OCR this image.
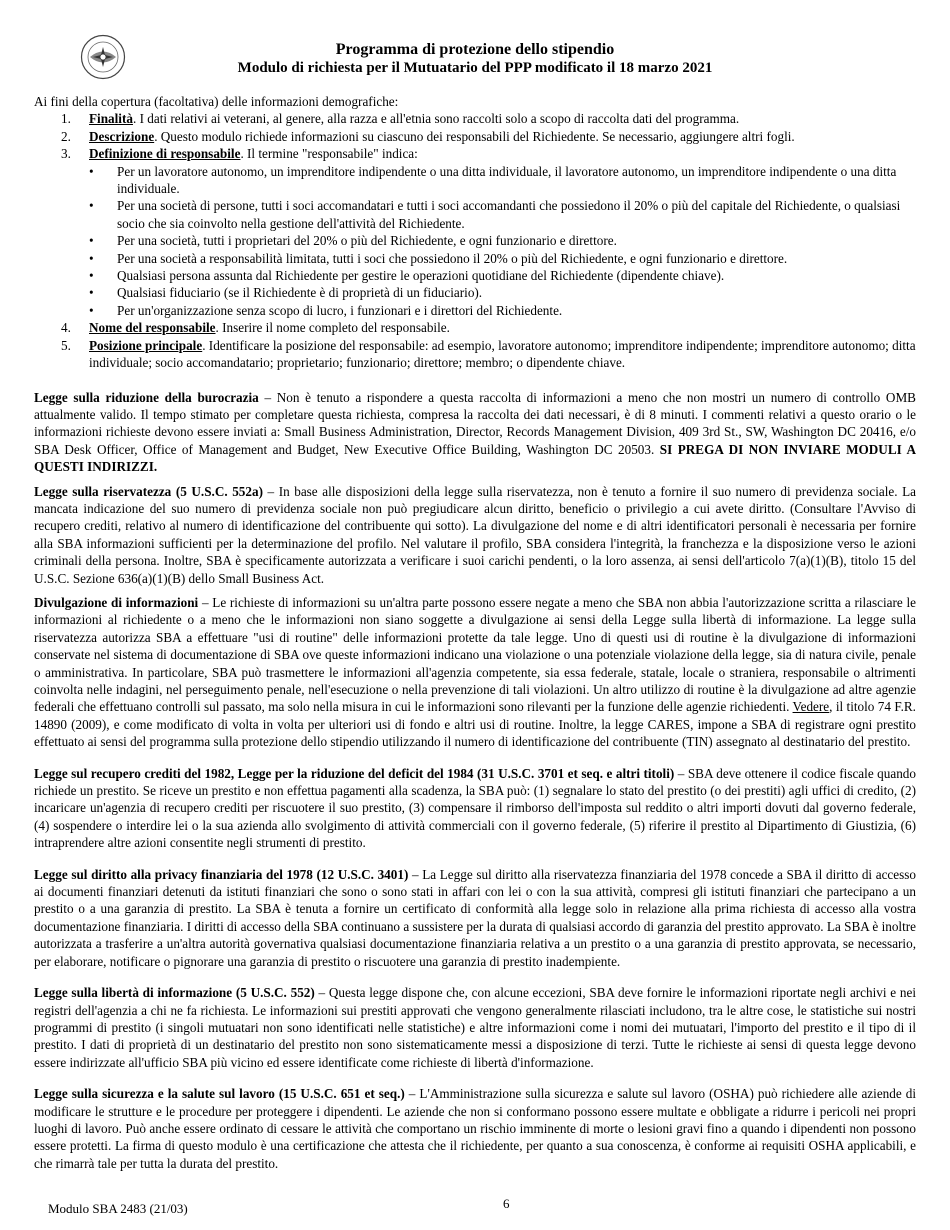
Programma di protezione dello stipendio
Modulo di richiesta per il Mutuatario del PPP modificato il 18 marzo 2021

Ai fini della copertura (facoltativa) delle informazioni demografiche:

1. Finalità. I dati relativi ai veterani, al genere, alla razza e all'etnia sono raccolti solo a scopo di raccolta dati del programma.
2. Descrizione. Questo modulo richiede informazioni su ciascuno dei responsabili del Richiedente. Se necessario, aggiungere altri fogli.
3. Definizione di responsabile. Il termine "responsabile" indica:
• Per un lavoratore autonomo, un imprenditore indipendente o una ditta individuale, il lavoratore autonomo, un imprenditore indipendente o una ditta individuale.
• Per una società di persone, tutti i soci accomandatari e tutti i soci accomandanti che possiedono il 20% o più del capitale del Richiedente, o qualsiasi socio che sia coinvolto nella gestione dell'attività del Richiedente.
• Per una società, tutti i proprietari del 20% o più del Richiedente, e ogni funzionario e direttore.
• Per una società a responsabilità limitata, tutti i soci che possiedono il 20% o più del Richiedente, e ogni funzionario e direttore.
• Qualsiasi persona assunta dal Richiedente per gestire le operazioni quotidiane del Richiedente (dipendente chiave).
• Qualsiasi fiduciario (se il Richiedente è di proprietà di un fiduciario).
• Per un'organizzazione senza scopo di lucro, i funzionari e i direttori del Richiedente.
4. Nome del responsabile. Inserire il nome completo del responsabile.
5. Posizione principale. Identificare la posizione del responsabile: ad esempio, lavoratore autonomo; imprenditore indipendente; imprenditore autonomo; ditta individuale; socio accomandatario; proprietario; funzionario; direttore; membro; o dipendente chiave.

Legge sulla riduzione della burocrazia – Non è tenuto a rispondere a questa raccolta di informazioni a meno che non mostri un numero di controllo OMB attualmente valido. Il tempo stimato per completare questa richiesta, compresa la raccolta dei dati necessari, è di 8 minuti. I commenti relativi a questo orario o le informazioni richieste devono essere inviati a: Small Business Administration, Director, Records Management Division, 409 3rd St., SW, Washington DC 20416, e/o SBA Desk Officer, Office of Management and Budget, New Executive Office Building, Washington DC 20503. SI PREGA DI NON INVIARE MODULI A QUESTI INDIRIZZI.

Legge sulla riservatezza (5 U.S.C. 552a) – In base alle disposizioni della legge sulla riservatezza, non è tenuto a fornire il suo numero di previdenza sociale. La mancata indicazione del suo numero di previdenza sociale non può pregiudicare alcun diritto, beneficio o privilegio a cui avete diritto. (Consultare l'Avviso di recupero crediti, relativo al numero di identificazione del contribuente qui sotto). La divulgazione del nome e di altri identificatori personali è necessaria per fornire alla SBA informazioni sufficienti per la determinazione del profilo. Nel valutare il profilo, SBA considera l'integrità, la franchezza e la disposizione verso le azioni criminali della persona. Inoltre, SBA è specificamente autorizzata a verificare i suoi carichi pendenti, o la loro assenza, ai sensi dell'articolo 7(a)(1)(B), titolo 15 del U.S.C. Sezione 636(a)(1)(B) dello Small Business Act.

Divulgazione di informazioni – Le richieste di informazioni su un'altra parte possono essere negate a meno che SBA non abbia l'autorizzazione scritta a rilasciare le informazioni al richiedente o a meno che le informazioni non siano soggette a divulgazione ai sensi della Legge sulla libertà di informazione. La legge sulla riservatezza autorizza SBA a effettuare "usi di routine" delle informazioni protette da tale legge. Uno di questi usi di routine è la divulgazione di informazioni conservate nel sistema di documentazione di SBA ove queste informazioni indicano una violazione o una potenziale violazione della legge, sia di natura civile, penale o amministrativa. In particolare, SBA può trasmettere le informazioni all'agenzia competente, sia essa federale, statale, locale o straniera, responsabile o altrimenti coinvolta nelle indagini, nel perseguimento penale, nell'esecuzione o nella prevenzione di tali violazioni. Un altro utilizzo di routine è la divulgazione ad altre agenzie federali che effettuano controlli sul passato, ma solo nella misura in cui le informazioni sono rilevanti per la funzione delle agenzie richiedenti. Vedere, il titolo 74 F.R. 14890 (2009), e come modificato di volta in volta per ulteriori usi di fondo e altri usi di routine. Inoltre, la legge CARES, impone a SBA di registrare ogni prestito effettuato ai sensi del programma sulla protezione dello stipendio utilizzando il numero di identificazione del contribuente (TIN) assegnato al destinatario del prestito.

Legge sul recupero crediti del 1982, Legge per la riduzione del deficit del 1984 (31 U.S.C. 3701 et seq. e altri titoli) – SBA deve ottenere il codice fiscale quando richiede un prestito. Se riceve un prestito e non effettua pagamenti alla scadenza, la SBA può: (1) segnalare lo stato del prestito (o dei prestiti) agli uffici di credito, (2) incaricare un'agenzia di recupero crediti per riscuotere il suo prestito, (3) compensare il rimborso dell'imposta sul reddito o altri importi dovuti dal governo federale, (4) sospendere o interdire lei o la sua azienda allo svolgimento di attività commerciali con il governo federale, (5) riferire il prestito al Dipartimento di Giustizia, (6) intraprendere altre azioni consentite negli strumenti di prestito.

Legge sul diritto alla privacy finanziaria del 1978 (12 U.S.C. 3401) – La Legge sul diritto alla riservatezza finanziaria del 1978 concede a SBA il diritto di accesso ai documenti finanziari detenuti da istituti finanziari che sono o sono stati in affari con lei o con la sua attività, compresi gli istituti finanziari che partecipano a un prestito o a una garanzia di prestito. La SBA è tenuta a fornire un certificato di conformità alla legge solo in relazione alla prima richiesta di accesso alla vostra documentazione finanziaria. I diritti di accesso della SBA continuano a sussistere per la durata di qualsiasi accordo di garanzia del prestito approvato. La SBA è inoltre autorizzata a trasferire a un'altra autorità governativa qualsiasi documentazione finanziaria relativa a un prestito o a una garanzia di prestito approvata, se necessario, per elaborare, notificare o pignorare una garanzia di prestito o riscuotere una garanzia di prestito inadempiente.

Legge sulla libertà di informazione (5 U.S.C. 552) – Questa legge dispone che, con alcune eccezioni, SBA deve fornire le informazioni riportate negli archivi e nei registri dell'agenzia a chi ne fa richiesta. Le informazioni sui prestiti approvati che vengono generalmente rilasciati includono, tra le altre cose, le statistiche sui nostri programmi di prestito (i singoli mutuatari non sono identificati nelle statistiche) e altre informazioni come i nomi dei mutuatari, l'importo del prestito e il tipo di il prestito. I dati di proprietà di un destinatario del prestito non sono sistematicamente messi a disposizione di terzi. Tutte le richieste ai sensi di questa legge devono essere indirizzate all'ufficio SBA più vicino ed essere identificate come richieste di libertà d'informazione.

Legge sulla sicurezza e la salute sul lavoro (15 U.S.C. 651 et seq.) – L'Amministrazione sulla sicurezza e salute sul lavoro (OSHA) può richiedere alle aziende di modificare le strutture e le procedure per proteggere i dipendenti. Le aziende che non si conformano possono essere multate e obbligate a ridurre i pericoli nei propri luoghi di lavoro. Può anche essere ordinato di cessare le attività che comportano un rischio imminente di morte o lesioni gravi fino a quando i dipendenti non possono essere protetti. La firma di questo modulo è una certificazione che attesta che il richiedente, per quanto a sua conoscenza, è conforme ai requisiti OSHA applicabili, e che rimarrà tale per tutta la durata del prestito.

Modulo SBA 2483 (21/03)	6
